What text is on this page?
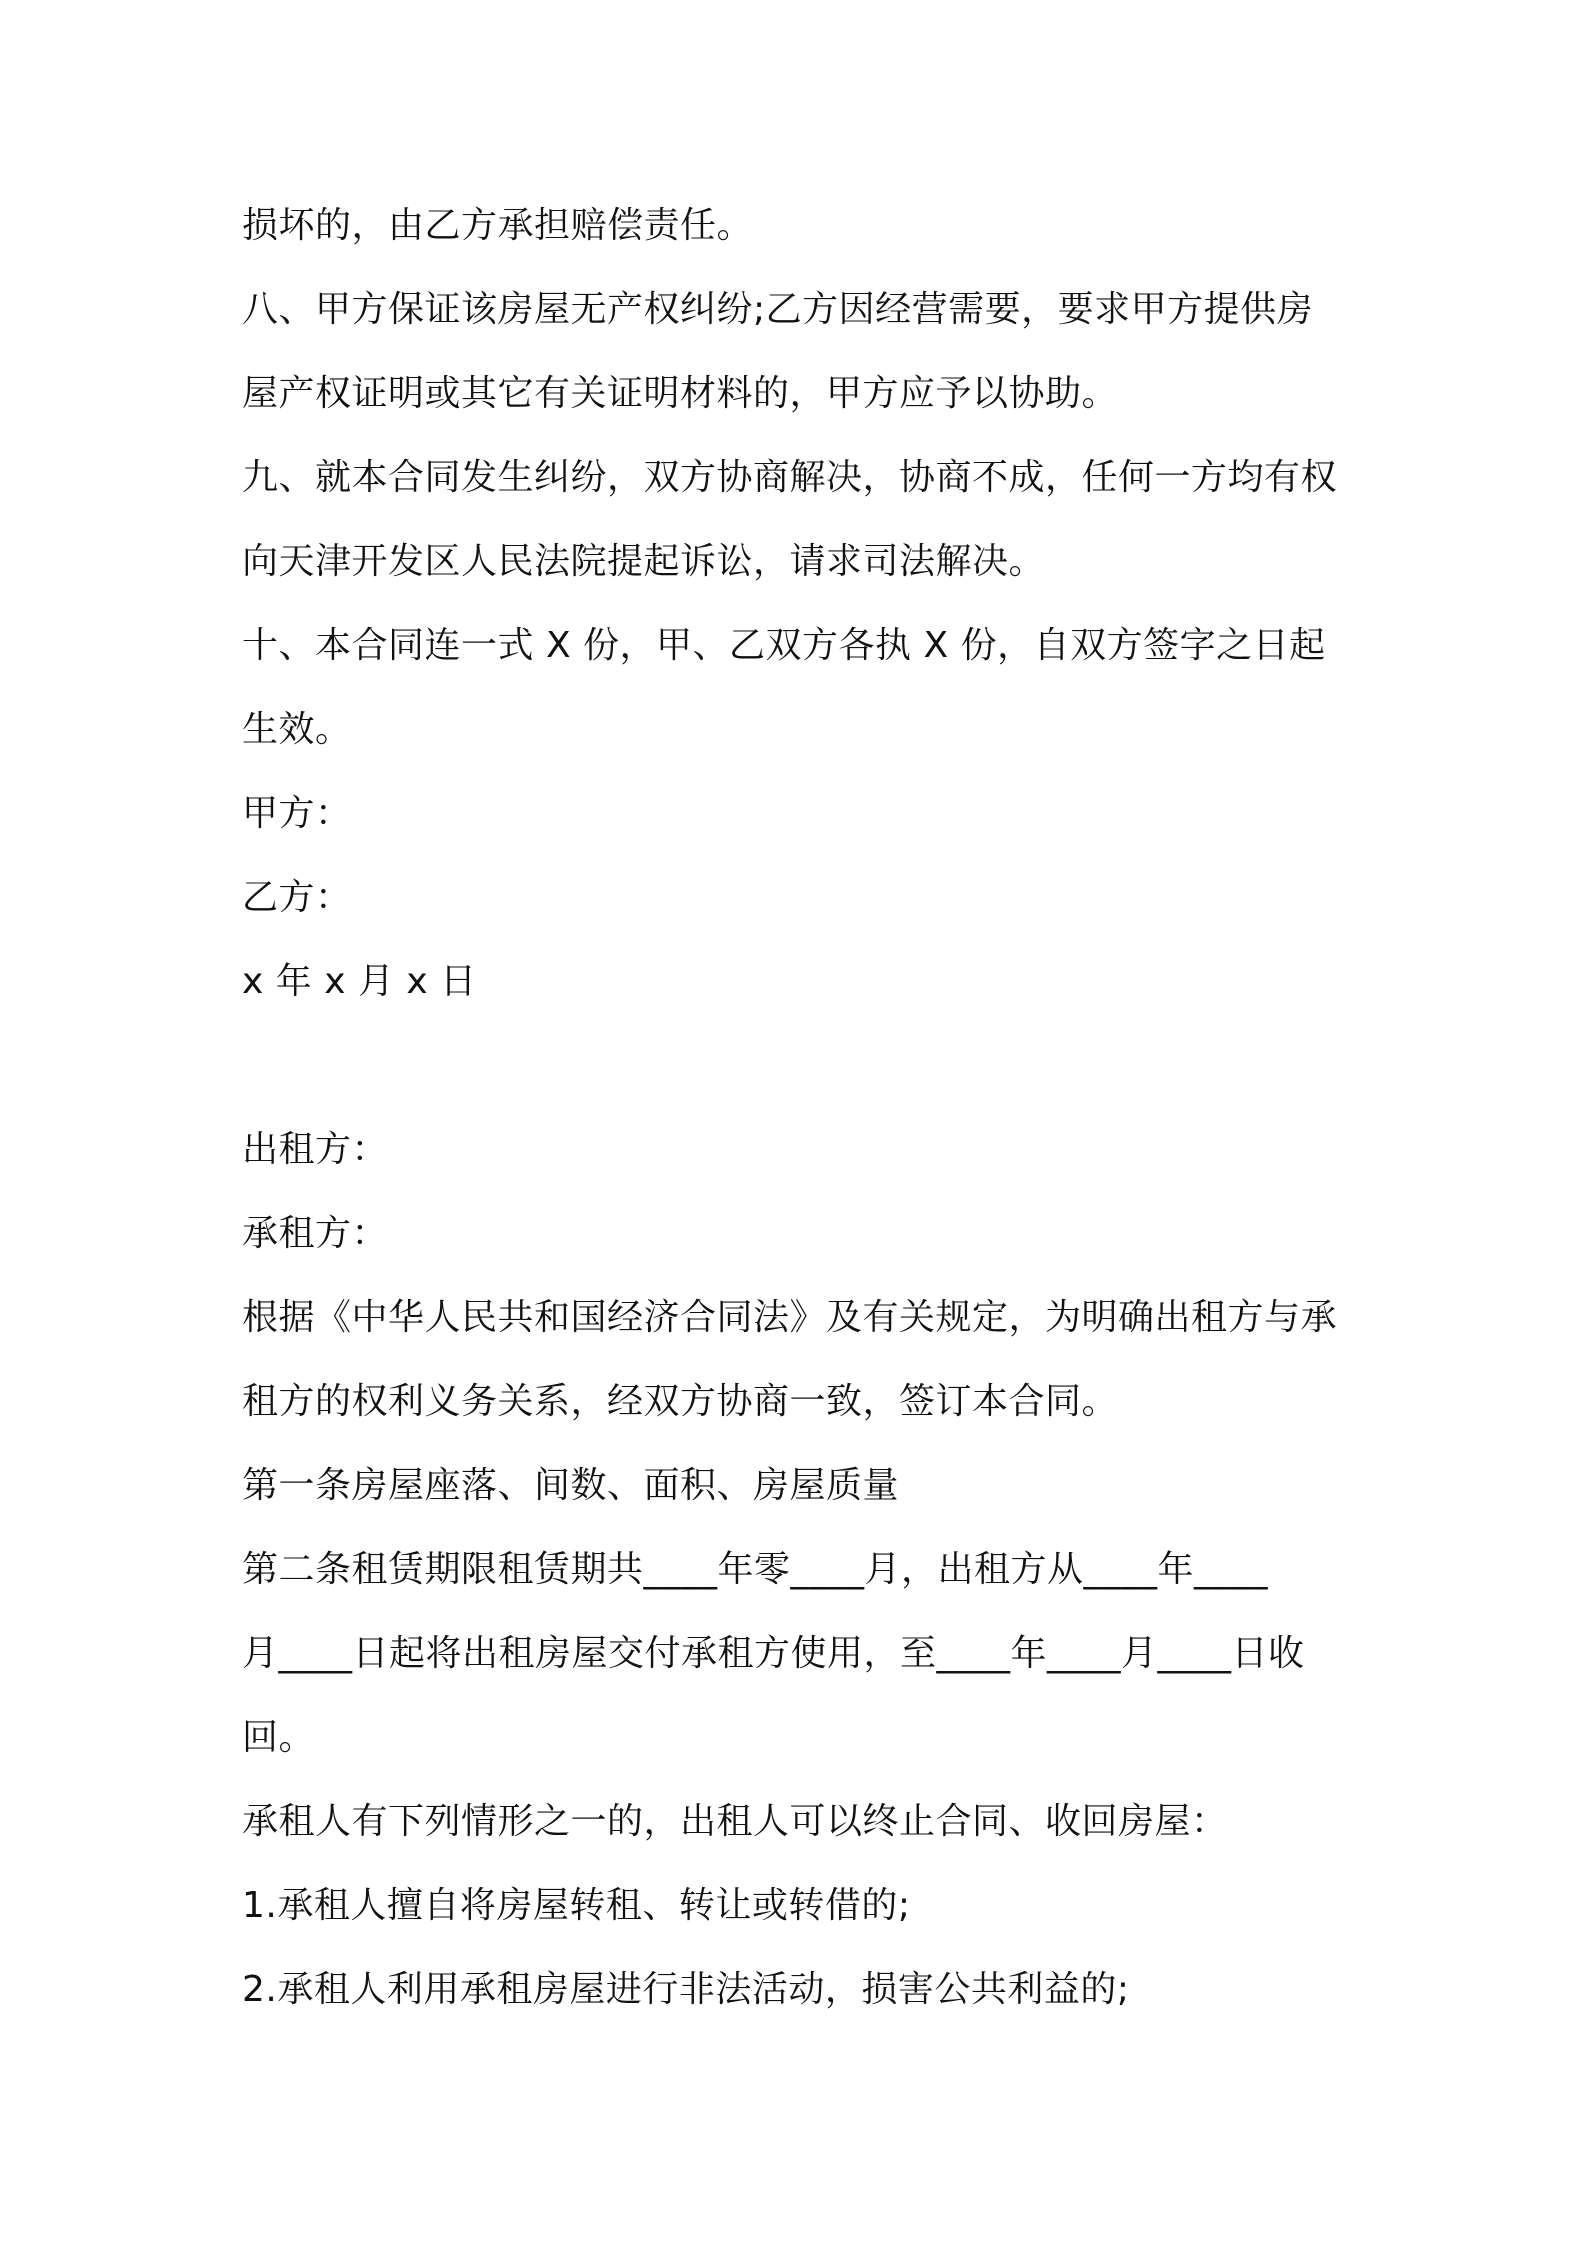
损坏的，由乙方承担赔偿责任。
八、甲方保证该房屋无产权纠纷;乙方因经营需要，要求甲方提供房
屋产权证明或其它有关证明材料的，甲方应予以协助。
九、就本合同发生纠纷，双方协商解决，协商不成，任何一方均有权
向天津开发区人民法院提起诉讼，请求司法解决。
十、本合同连一式 X 份，甲、乙双方各执 X 份，自双方签字之日起
生效。
甲方：
乙方：
x 年 x 月 x 日
出租方：
承租方：
根据《中华人民共和国经济合同法》及有关规定，为明确出租方与承
租方的权利义务关系，经双方协商一致，签订本合同。
第一条房屋座落、间数、面积、房屋质量
第二条租赁期限租赁期共____年零____月，出租方从____年____
月____日起将出租房屋交付承租方使用，至____年____月____日收
回。
承租人有下列情形之一的，出租人可以终止合同、收回房屋：
1.承租人擅自将房屋转租、转让或转借的;
2.承租人利用承租房屋进行非法活动，损害公共利益的;
